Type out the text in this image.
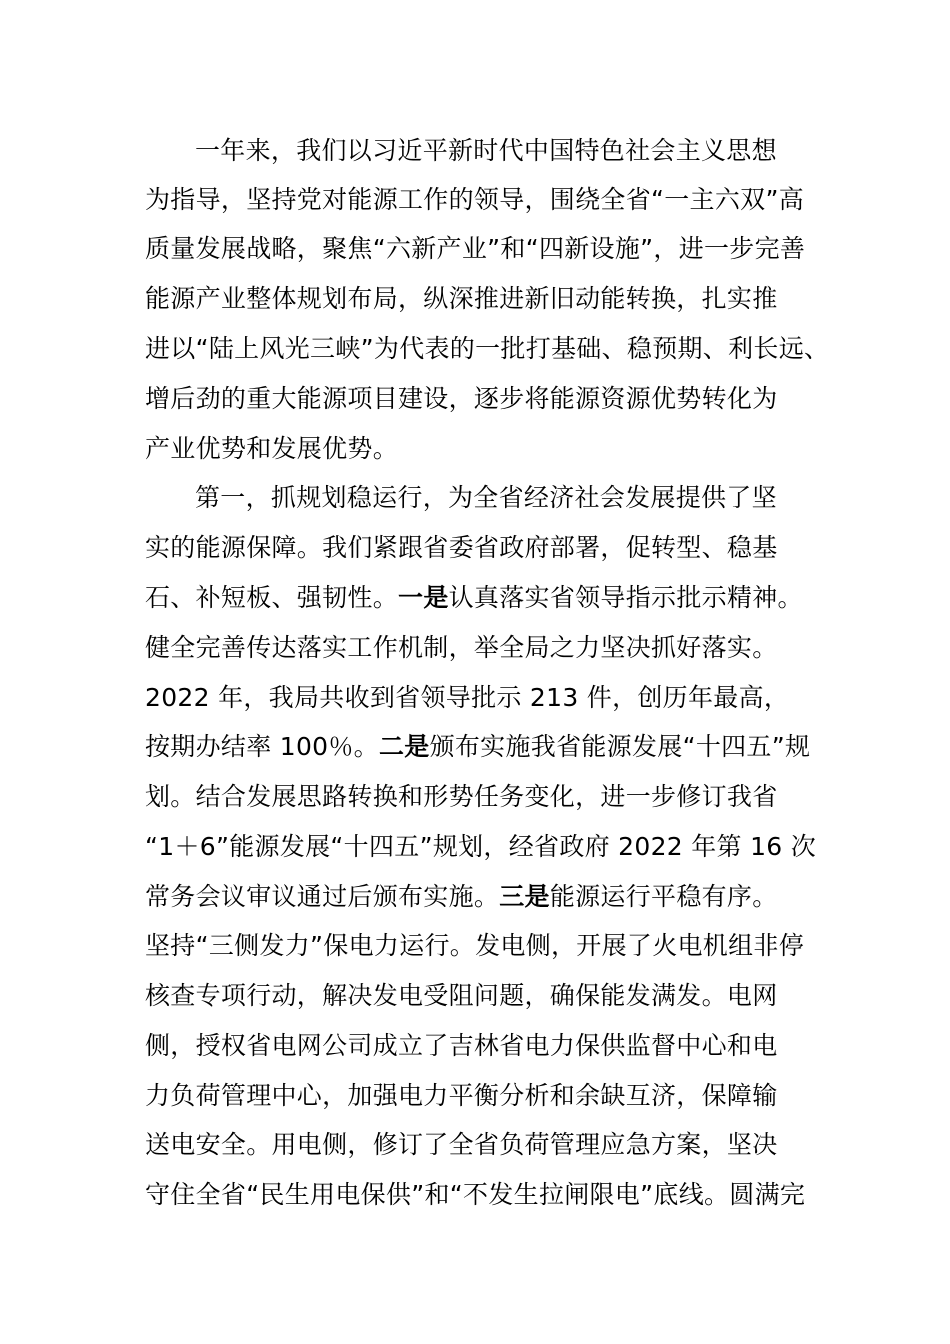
一年来，我们以习近平新时代中国特色社会主义思想
为指导，坚持党对能源工作的领导，围绕全省“一主六双”高
质量发展战略，聚焦“六新产业”和“四新设施”，进一步完善
能源产业整体规划布局，纵深推进新旧动能转换，扎实推
进以“陆上风光三峡”为代表的一批打基础、稳预期、利长远、
增后劲的重大能源项目建设，逐步将能源资源优势转化为
产业优势和发展优势。
第一，抓规划稳运行，为全省经济社会发展提供了坚
实的能源保障。我们紧跟省委省政府部署，促转型、稳基
石、补短板、强韧性。一是认真落实省领导指示批示精神。
健全完善传达落实工作机制，举全局之力坚决抓好落实。
2022 年，我局共收到省领导批示 213 件，创历年最高，
按期办结率 100％。二是颁布实施我省能源发展“十四五”规
划。结合发展思路转换和形势任务变化，进一步修订我省
“1＋6”能源发展“十四五”规划，经省政府 2022 年第 16 次
常务会议审议通过后颁布实施。三是能源运行平稳有序。
坚持“三侧发力”保电力运行。发电侧，开展了火电机组非停
核查专项行动，解决发电受阻问题，确保能发满发。电网
侧，授权省电网公司成立了吉林省电力保供监督中心和电
力负荷管理中心，加强电力平衡分析和余缺互济，保障输
送电安全。用电侧，修订了全省负荷管理应急方案，坚决
守住全省“民生用电保供”和“不发生拉闸限电”底线。圆满完
